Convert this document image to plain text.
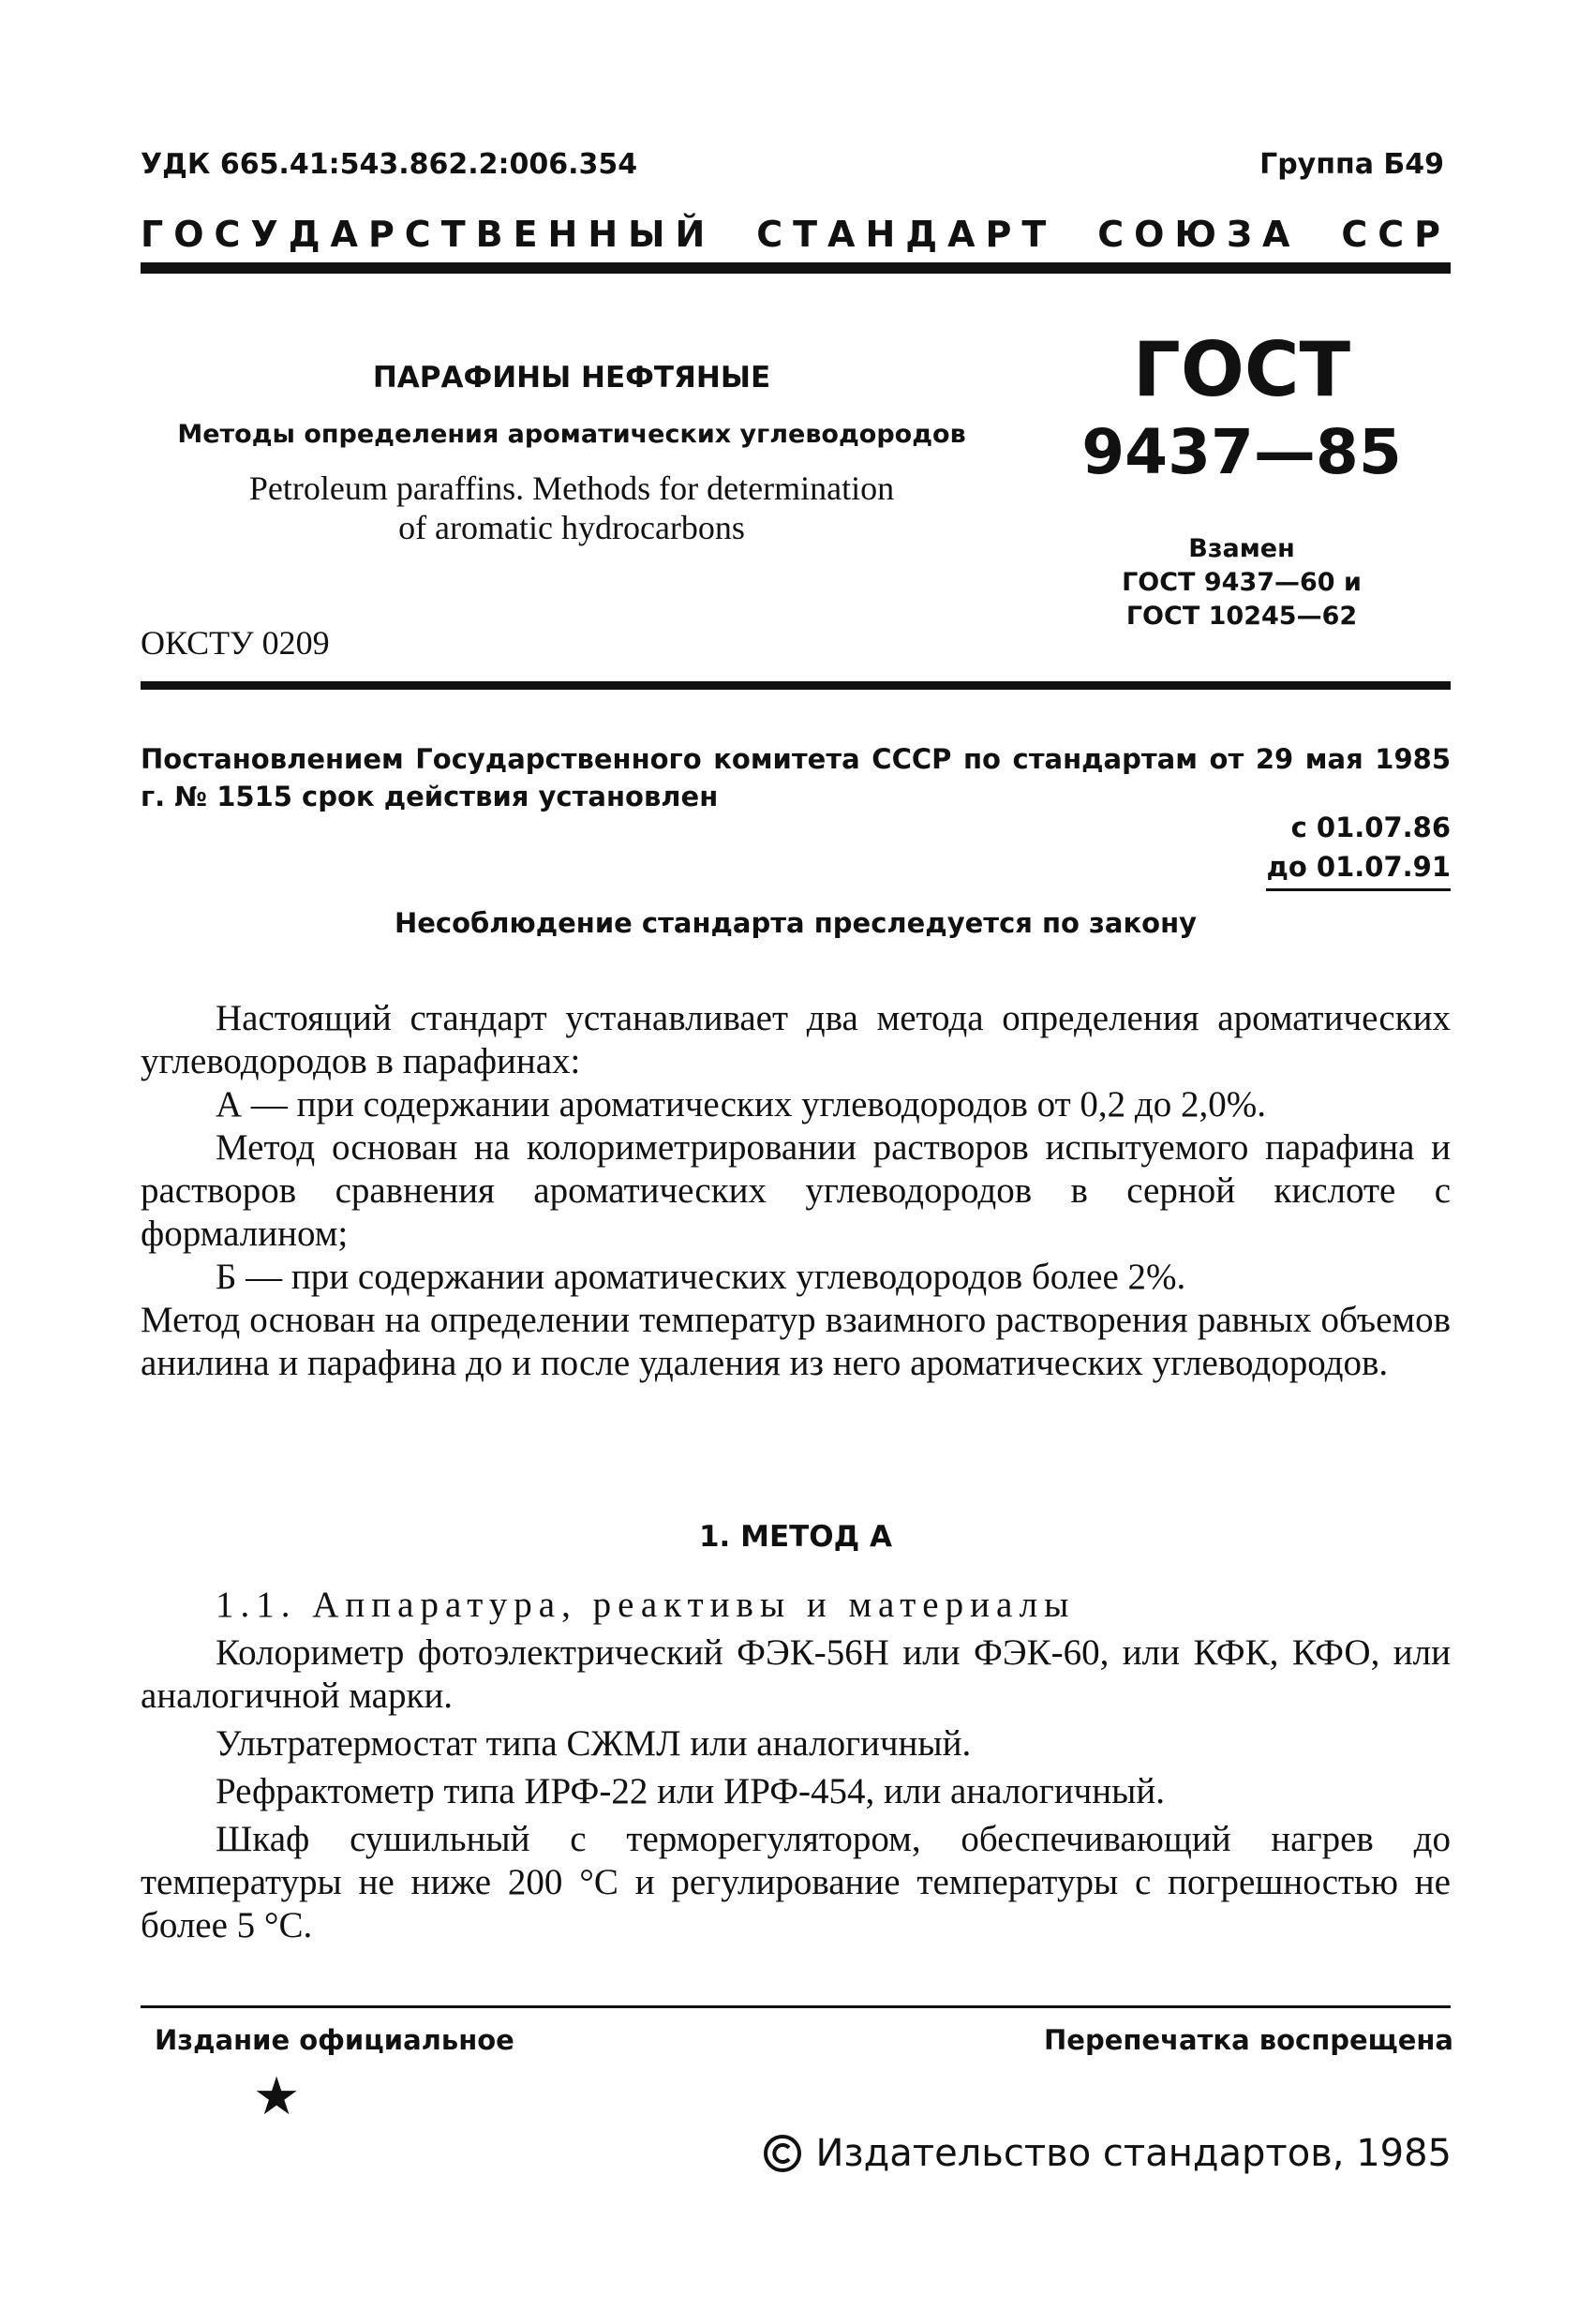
УДК 665.41:543.862.2:006.354	Группа Б49
ГОСУДАРСТВЕННЫЙ СТАНДАРТ СОЮЗА ССР
ПАРАФИНЫ НЕФТЯНЫЕ
Методы определения ароматических углеводородов
Petroleum paraffins. Methods for determination
of aromatic hydrocarbons
ОКСТУ 0209
ГОСТ
9437—85
Взамен
ГОСТ 9437—60 и
ГОСТ 10245—62
Постановлением Государственного комитета СССР по стандартам от 29 мая 1985 г. № 1515 срок действия установлен
с 01.07.86
до 01.07.91
Несоблюдение стандарта преследуется по закону

Настоящий стандарт устанавливает два метода определения ароматических углеводородов в парафинах:

А — при содержании ароматических углеводородов от 0,2 до 2,0%.

Метод основан на колориметрировании растворов испытуемого парафина и растворов сравнения ароматических углеводородов в серной кислоте с формалином;

Б — при содержании ароматических углеводородов более 2%.

Метод основан на определении температур взаимного растворения равных объемов анилина и парафина до и после удаления из него ароматических углеводородов.

1. МЕТОД А

1.1. Аппаратура, реактивы и материалы

Колориметр фотоэлектрический ФЭК-56Н или ФЭК-60, или КФК, КФО, или аналогичной марки.

Ультратермостат типа СЖМЛ или аналогичный.

Рефрактометр типа ИРФ-22 или ИРФ-454, или аналогичный.

Шкаф сушильный с терморегулятором, обеспечивающий нагрев до температуры не ниже 200 °С и регулирование температуры с погрешностью не более 5 °С.

Издание официальное	Перепечатка воспрещена
★
Издательство стандартов, 1985
